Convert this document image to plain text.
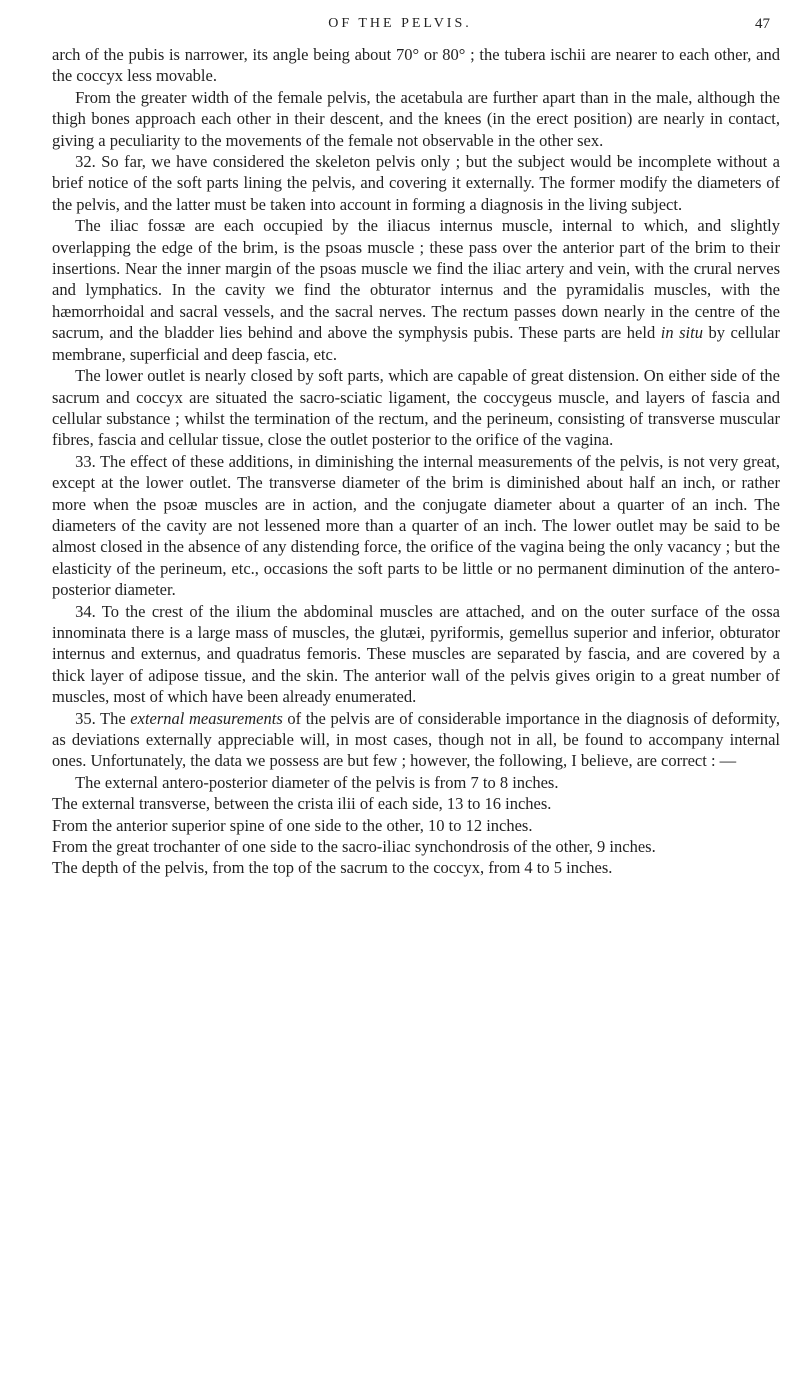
OF THE PELVIS.	47

arch of the pubis is narrower, its angle being about 70° or 80° ; the tubera ischii are nearer to each other, and the coccyx less movable.

From the greater width of the female pelvis, the acetabula are further apart than in the male, although the thigh bones approach each other in their descent, and the knees (in the erect position) are nearly in contact, giving a peculiarity to the movements of the female not observable in the other sex.

32. So far, we have considered the skeleton pelvis only ; but the subject would be incomplete without a brief notice of the soft parts lining the pelvis, and covering it externally. The former modify the diameters of the pelvis, and the latter must be taken into account in forming a diagnosis in the living subject.

The iliac fossæ are each occupied by the iliacus internus muscle, internal to which, and slightly overlapping the edge of the brim, is the psoas muscle ; these pass over the anterior part of the brim to their insertions. Near the inner margin of the psoas muscle we find the iliac artery and vein, with the crural nerves and lymphatics. In the cavity we find the obturator internus and the pyramidalis muscles, with the hæmorrhoidal and sacral vessels, and the sacral nerves. The rectum passes down nearly in the centre of the sacrum, and the bladder lies behind and above the symphysis pubis. These parts are held in situ by cellular membrane, superficial and deep fascia, etc.

The lower outlet is nearly closed by soft parts, which are capable of great distension. On either side of the sacrum and coccyx are situated the sacro-sciatic ligament, the coccygeus muscle, and layers of fascia and cellular substance ; whilst the termination of the rectum, and the perineum, consisting of transverse muscular fibres, fascia and cellular tissue, close the outlet posterior to the orifice of the vagina.

33. The effect of these additions, in diminishing the internal measurements of the pelvis, is not very great, except at the lower outlet. The transverse diameter of the brim is diminished about half an inch, or rather more when the psoæ muscles are in action, and the conjugate diameter about a quarter of an inch. The diameters of the cavity are not lessened more than a quarter of an inch. The lower outlet may be said to be almost closed in the absence of any distending force, the orifice of the vagina being the only vacancy ; but the elasticity of the perineum, etc., occasions the soft parts to be little or no permanent diminution of the antero-posterior diameter.

34. To the crest of the ilium the abdominal muscles are attached, and on the outer surface of the ossa innominata there is a large mass of muscles, the glutæi, pyriformis, gemellus superior and inferior, obturator internus and externus, and quadratus femoris. These muscles are separated by fascia, and are covered by a thick layer of adipose tissue, and the skin. The anterior wall of the pelvis gives origin to a great number of muscles, most of which have been already enumerated.

35. The external measurements of the pelvis are of considerable importance in the diagnosis of deformity, as deviations externally appreciable will, in most cases, though not in all, be found to accompany internal ones. Unfortunately, the data we possess are but few ; however, the following, I believe, are correct : —

The external antero-posterior diameter of the pelvis is from 7 to 8 inches.

The external transverse, between the crista ilii of each side, 13 to 16 inches.

From the anterior superior spine of one side to the other, 10 to 12 inches.

From the great trochanter of one side to the sacro-iliac synchondrosis of the other, 9 inches.

The depth of the pelvis, from the top of the sacrum to the coccyx, from 4 to 5 inches.
